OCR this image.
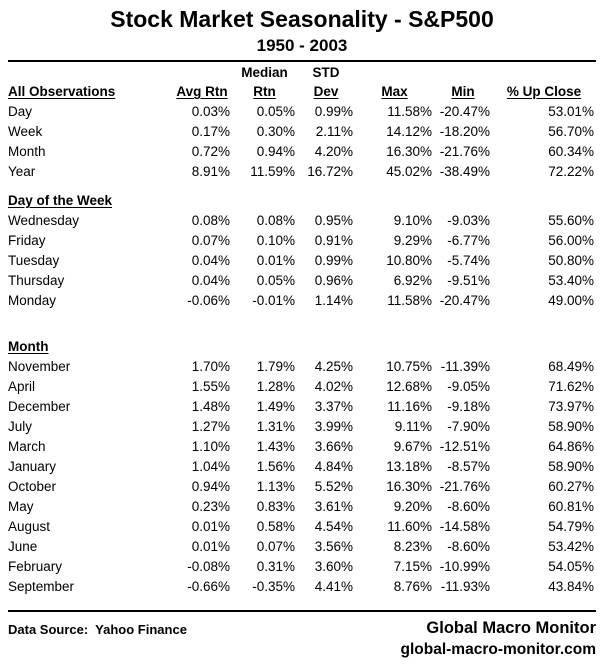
Stock Market Seasonality - S&P500
1950 - 2003
		Median	STD			
All Observations	Avg Rtn	Rtn	Dev	Max	Min	% Up Close
Day	0.03%	0.05%	0.99%	11.58%	-20.47%	53.01%
Week	0.17%	0.30%	2.11%	14.12%	-18.20%	56.70%
Month	0.72%	0.94%	4.20%	16.30%	-21.76%	60.34%
Year	8.91%	11.59%	16.72%	45.02%	-38.49%	72.22%
Day of the Week						
Wednesday	0.08%	0.08%	0.95%	9.10%	-9.03%	55.60%
Friday	0.07%	0.10%	0.91%	9.29%	-6.77%	56.00%
Tuesday	0.04%	0.01%	0.99%	10.80%	-5.74%	50.80%
Thursday	0.04%	0.05%	0.96%	6.92%	-9.51%	53.40%
Monday	-0.06%	-0.01%	1.14%	11.58%	-20.47%	49.00%
Month						
November	1.70%	1.79%	4.25%	10.75%	-11.39%	68.49%
April	1.55%	1.28%	4.02%	12.68%	-9.05%	71.62%
December	1.48%	1.49%	3.37%	11.16%	-9.18%	73.97%
July	1.27%	1.31%	3.99%	9.11%	-7.90%	58.90%
March	1.10%	1.43%	3.66%	9.67%	-12.51%	64.86%
January	1.04%	1.56%	4.84%	13.18%	-8.57%	58.90%
October	0.94%	1.13%	5.52%	16.30%	-21.76%	60.27%
May	0.23%	0.83%	3.61%	9.20%	-8.60%	60.81%
August	0.01%	0.58%	4.54%	11.60%	-14.58%	54.79%
June	0.01%	0.07%	3.56%	8.23%	-8.60%	53.42%
February	-0.08%	0.31%	3.60%	7.15%	-10.99%	54.05%
September	-0.66%	-0.35%	4.41%	8.76%	-11.93%	43.84%
Data Source:  Yahoo Finance	Global Macro Monitor
global-macro-monitor.com
